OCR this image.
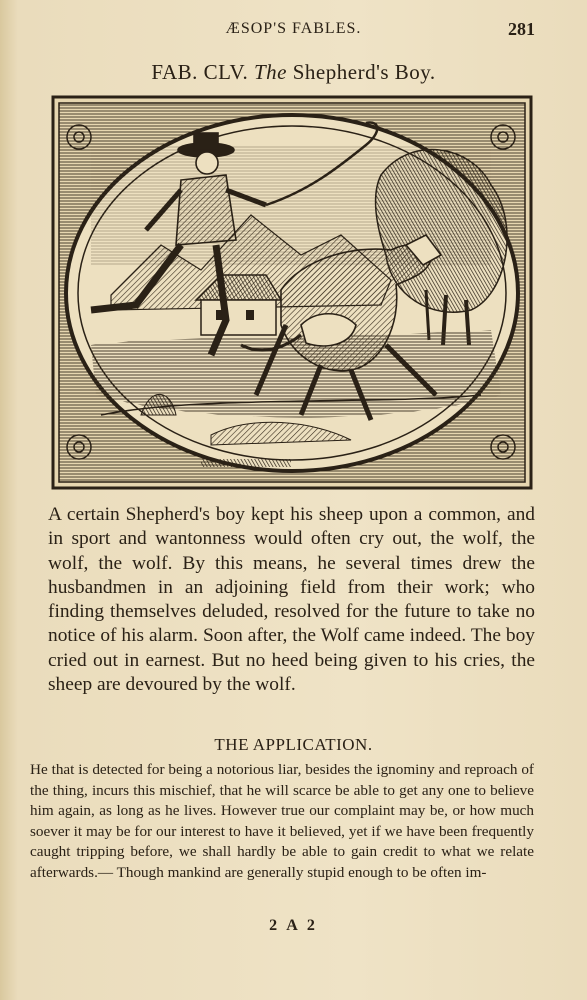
ÆSOP'S FABLES.	281
FAB. CLV. The Shepherd's Boy.
A certain Shepherd's boy kept his sheep upon a common, and in sport and wantonness would often cry out, the wolf, the wolf, the wolf. By this means, he several times drew the husbandmen in an adjoining field from their work; who finding themselves deluded, resolved for the future to take no notice of his alarm. Soon after, the Wolf came indeed. The boy cried out in earnest. But no heed being given to his cries, the sheep are devoured by the wolf.
THE APPLICATION.
He that is detected for being a notorious liar, besides the ignominy and reproach of the thing, incurs this mischief, that he will scarce be able to get any one to believe him again, as long as he lives. However true our complaint may be, or how much soever it may be for our interest to have it believed, yet if we have been frequently caught tripping before, we shall hardly be able to gain credit to what we relate afterwards.— Though mankind are generally stupid enough to be often im-
2 A 2
